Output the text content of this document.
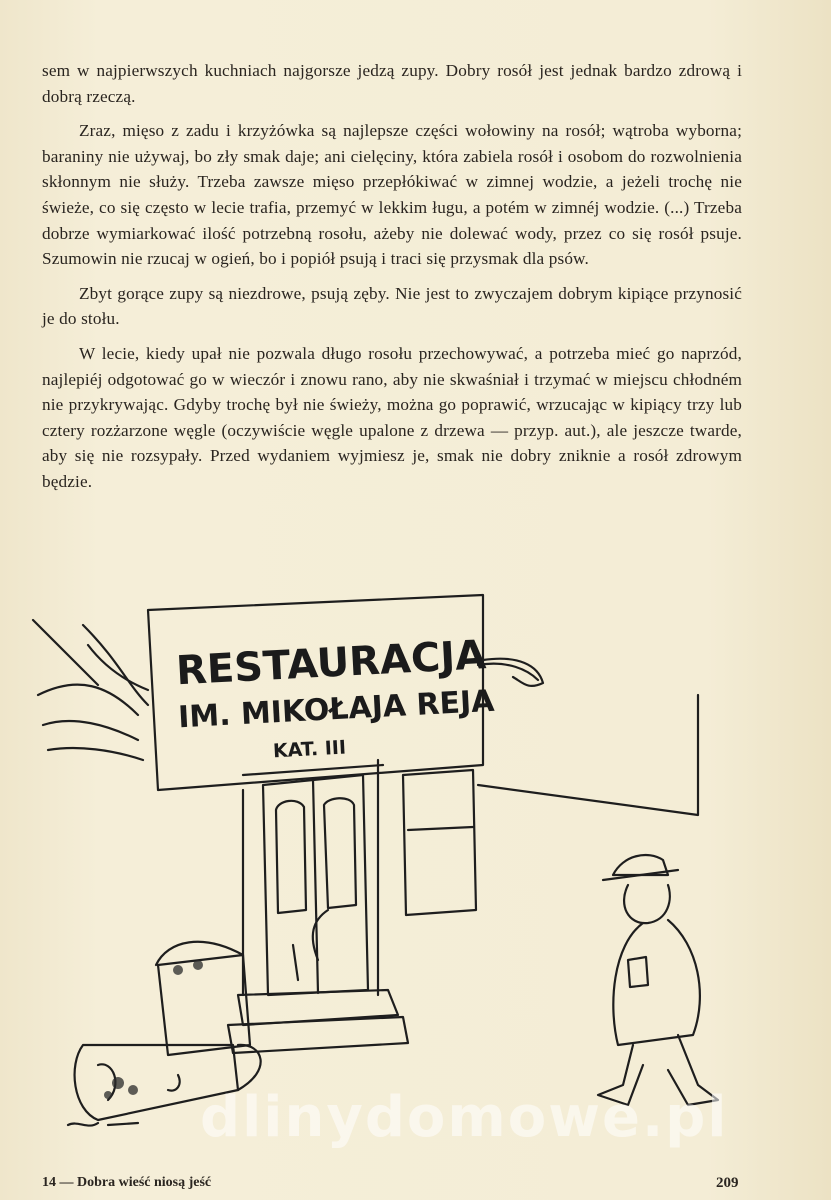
sem w najpierwszych kuchniach najgorsze jedzą zupy. Dobry rosół jest jednak bardzo zdrową i dobrą rzeczą.

Zraz, mięso z zadu i krzyżówka są najlepsze części wołowiny na rosół; wątroba wyborna; baraniny nie używaj, bo zły smak daje; ani cielęciny, która zabiela rosół i osobom do rozwolnienia skłonnym nie służy. Trzeba zawsze mięso przepłókiwać w zimnej wodzie, a jeżeli trochę nie świeże, co się często w lecie trafia, przemyć w lekkim ługu, a potém w zimnéj wodzie. (...) Trzeba dobrze wymiarkować ilość potrzebną rosołu, ażeby nie dolewać wody, przez co się rosół psuje. Szumowin nie rzucaj w ogień, bo i popiół psują i traci się przysmak dla psów.

Zbyt gorące zupy są niezdrowe, psują zęby. Nie jest to zwyczajem dobrym kipiące przynosić je do stołu.

W lecie, kiedy upał nie pozwala długo rosołu przechowywać, a potrzeba mieć go naprzód, najlepiéj odgotować go w wieczór i znowu rano, aby nie skwaśniał i trzymać w miejscu chłodném nie przykrywając. Gdyby trochę był nie świeży, można go poprawić, wrzucając w kipiący trzy lub cztery rozżarzone węgle (oczywiście węgle upalone z drzewa — przyp. aut.), ale jeszcze twarde, aby się nie rozsypały. Przed wydaniem wyjmiesz je, smak nie dobry zniknie a rosół zdrowym będzie.

RESTAURACJA
IM. MIKOŁAJA REJA
KAT. III
dlinydomowe.pl
14 — Dobra wieść niosą jeść	209
